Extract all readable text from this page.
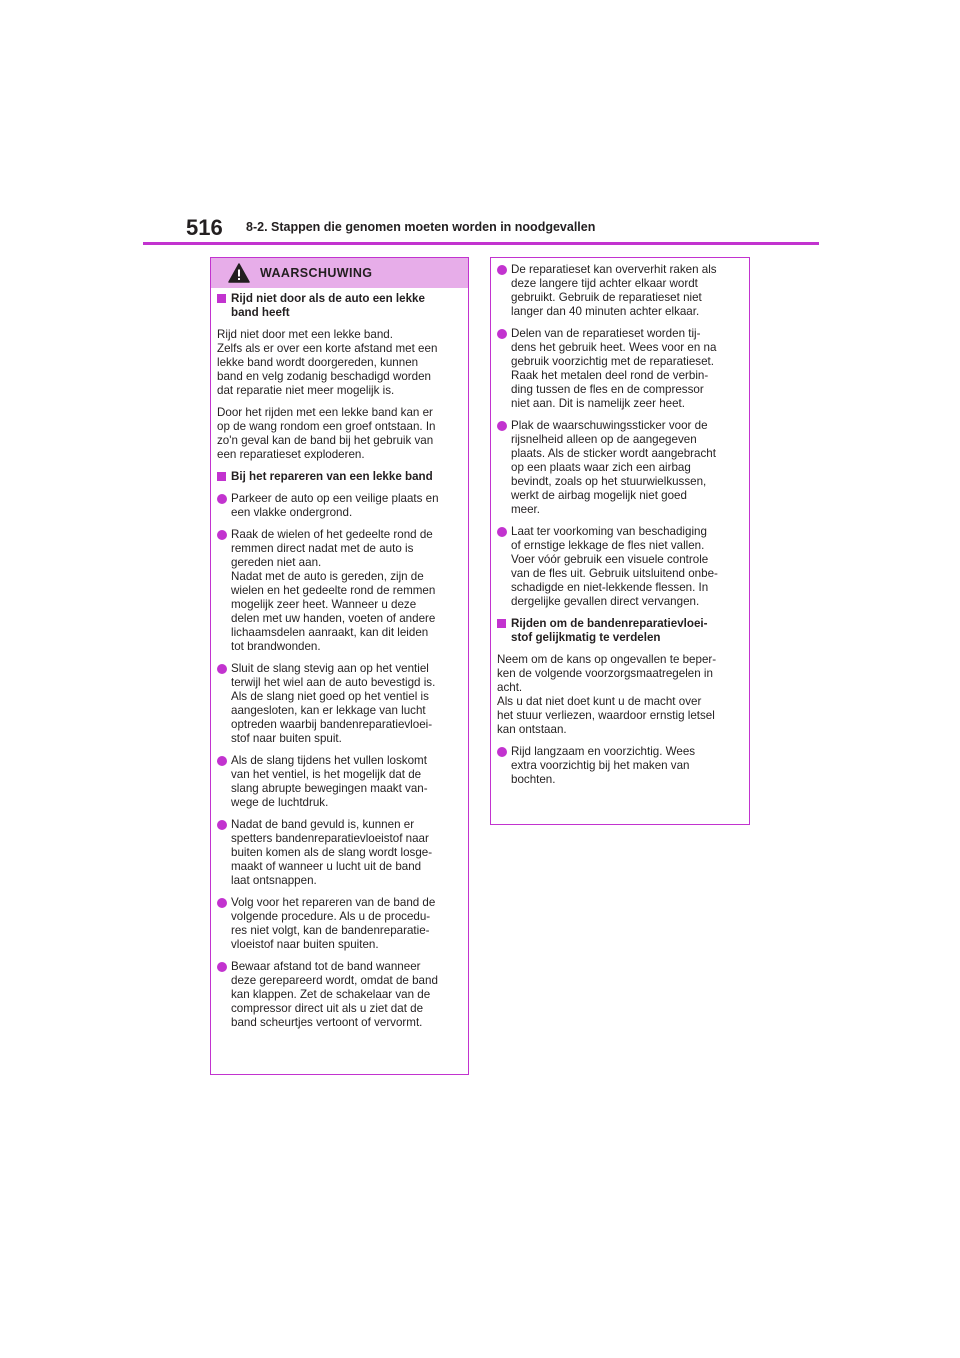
516 8-2. Stappen die genomen moeten worden in noodgevallen
WAARSCHUWING
Rijd niet door als de auto een lekke
band heeft
Rijd niet door met een lekke band.
Zelfs als er over een korte afstand met een
lekke band wordt doorgereden, kunnen
band en velg zodanig beschadigd worden
dat reparatie niet meer mogelijk is.
Door het rijden met een lekke band kan er
op de wang rondom een groef ontstaan. In
zo'n geval kan de band bij het gebruik van
een reparatieset exploderen.
Bij het repareren van een lekke band
Parkeer de auto op een veilige plaats en
een vlakke ondergrond.
Raak de wielen of het gedeelte rond de
remmen direct nadat met de auto is
gereden niet aan.
Nadat met de auto is gereden, zijn de
wielen en het gedeelte rond de remmen
mogelijk zeer heet. Wanneer u deze
delen met uw handen, voeten of andere
lichaamsdelen aanraakt, kan dit leiden
tot brandwonden.
Sluit de slang stevig aan op het ventiel
terwijl het wiel aan de auto bevestigd is.
Als de slang niet goed op het ventiel is
aangesloten, kan er lekkage van lucht
optreden waarbij bandenreparatievloei-
stof naar buiten spuit.
Als de slang tijdens het vullen loskomt
van het ventiel, is het mogelijk dat de
slang abrupte bewegingen maakt van-
wege de luchtdruk.
Nadat de band gevuld is, kunnen er
spetters bandenreparatievloeistof naar
buiten komen als de slang wordt losge-
maakt of wanneer u lucht uit de band
laat ontsnappen.
Volg voor het repareren van de band de
volgende procedure. Als u de procedu-
res niet volgt, kan de bandenreparatie-
vloeistof naar buiten spuiten.
Bewaar afstand tot de band wanneer
deze gerepareerd wordt, omdat de band
kan klappen. Zet de schakelaar van de
compressor direct uit als u ziet dat de
band scheurtjes vertoont of vervormt.
De reparatieset kan oververhit raken als
deze langere tijd achter elkaar wordt
gebruikt. Gebruik de reparatieset niet
langer dan 40 minuten achter elkaar.
Delen van de reparatieset worden tij-
dens het gebruik heet. Wees voor en na
gebruik voorzichtig met de reparatieset.
Raak het metalen deel rond de verbin-
ding tussen de fles en de compressor
niet aan. Dit is namelijk zeer heet.
Plak de waarschuwingssticker voor de
rijsnelheid alleen op de aangegeven
plaats. Als de sticker wordt aangebracht
op een plaats waar zich een airbag
bevindt, zoals op het stuurwielkussen,
werkt de airbag mogelijk niet goed
meer.
Laat ter voorkoming van beschadiging
of ernstige lekkage de fles niet vallen.
Voer vóór gebruik een visuele controle
van de fles uit. Gebruik uitsluitend onbe-
schadigde en niet-lekkende flessen. In
dergelijke gevallen direct vervangen.
Rijden om de bandenreparatievloei-
stof gelijkmatig te verdelen
Neem om de kans op ongevallen te beper-
ken de volgende voorzorgsmaatregelen in
acht.
Als u dat niet doet kunt u de macht over
het stuur verliezen, waardoor ernstig letsel
kan ontstaan.
Rijd langzaam en voorzichtig. Wees
extra voorzichtig bij het maken van
bochten.
